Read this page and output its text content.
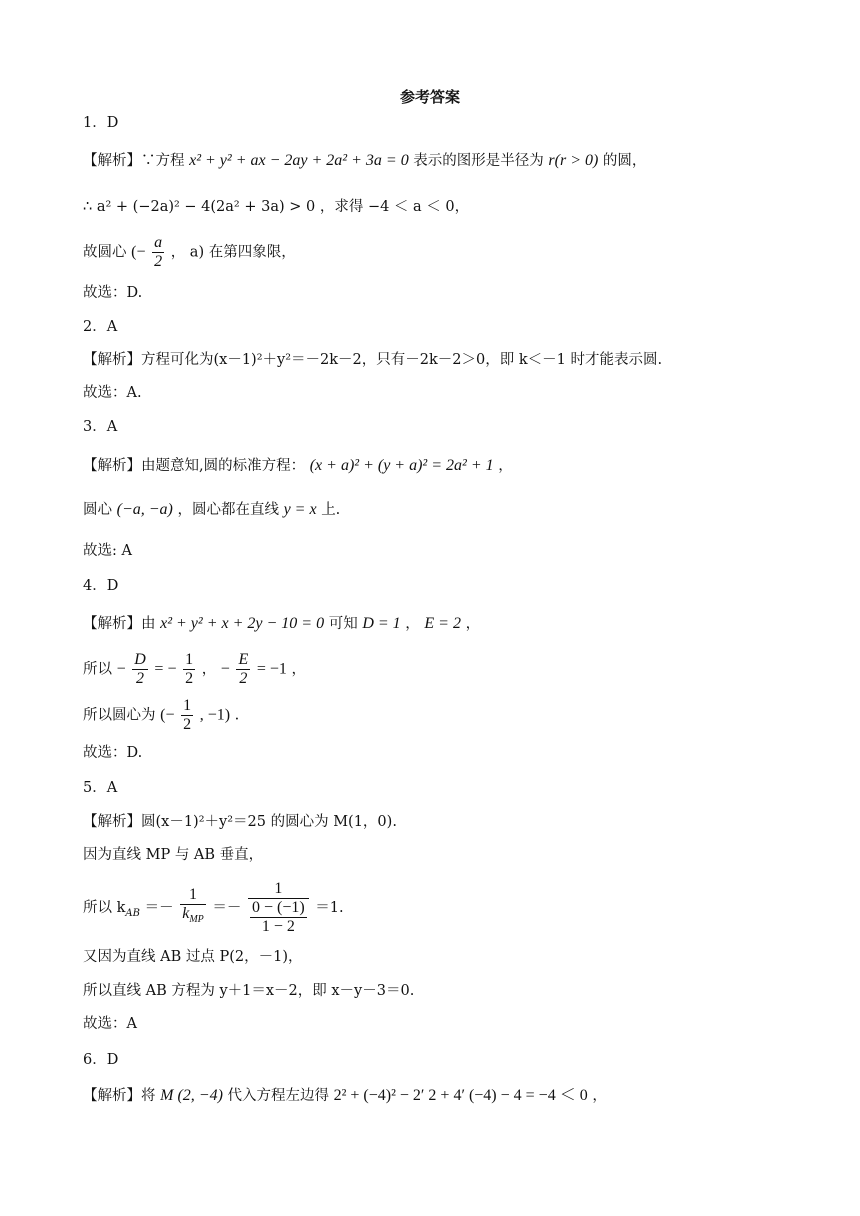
参考答案
1．D
【解析】∵方程 x² + y² + ax − 2ay + 2a² + 3a = 0 表示的图形是半径为 r(r > 0) 的圆，
∴ a² + (−2a)² − 4(2a² + 3a) > 0 ，求得 −4 ＜ a ＜ 0，
故圆心 (− $\frac{a}{2}$ ， a) 在第四象限，
故选：D.
2．A
【解析】方程可化为(x－1)²＋y²＝－2k－2，只有－2k－2＞0，即 k＜－1 时才能表示圆.
故选：A.
3．A
【解析】由题意知,圆的标准方程： (x + a)² + (y + a)² = 2a² + 1 ，
圆心 (−a, −a) ，圆心都在直线 y = x 上.
故选: A
4．D
【解析】由 x² + y² + x + 2y − 10 = 0 可知 D = 1 ， E = 2 ，
所以 − $\frac{D}{2}$ = − $\frac{1}{2}$ ， − $\frac{E}{2} = -1$ ，
所以圆心为 (− $\frac{1}{2}$ , −1) .
故选：D.
5．A
【解析】圆(x－1)²＋y²＝25 的圆心为 M(1，0).
因为直线 MP 与 AB 垂直，
所以 $k_{AB} =- \frac{1}{k_{MP}} =- \frac{1}{\frac{0 - (-1)}{1 - 2}} =1$.
又因为直线 AB 过点 P(2，－1)，
所以直线 AB 方程为 y＋1＝x－2，即 x－y－3＝0.
故选：A
6．D
【解析】将 M (2, −4) 代入方程左边得 2² + (−4)² − 2′ 2 + 4′ (−4) − 4 = −4 ＜ 0 ，
